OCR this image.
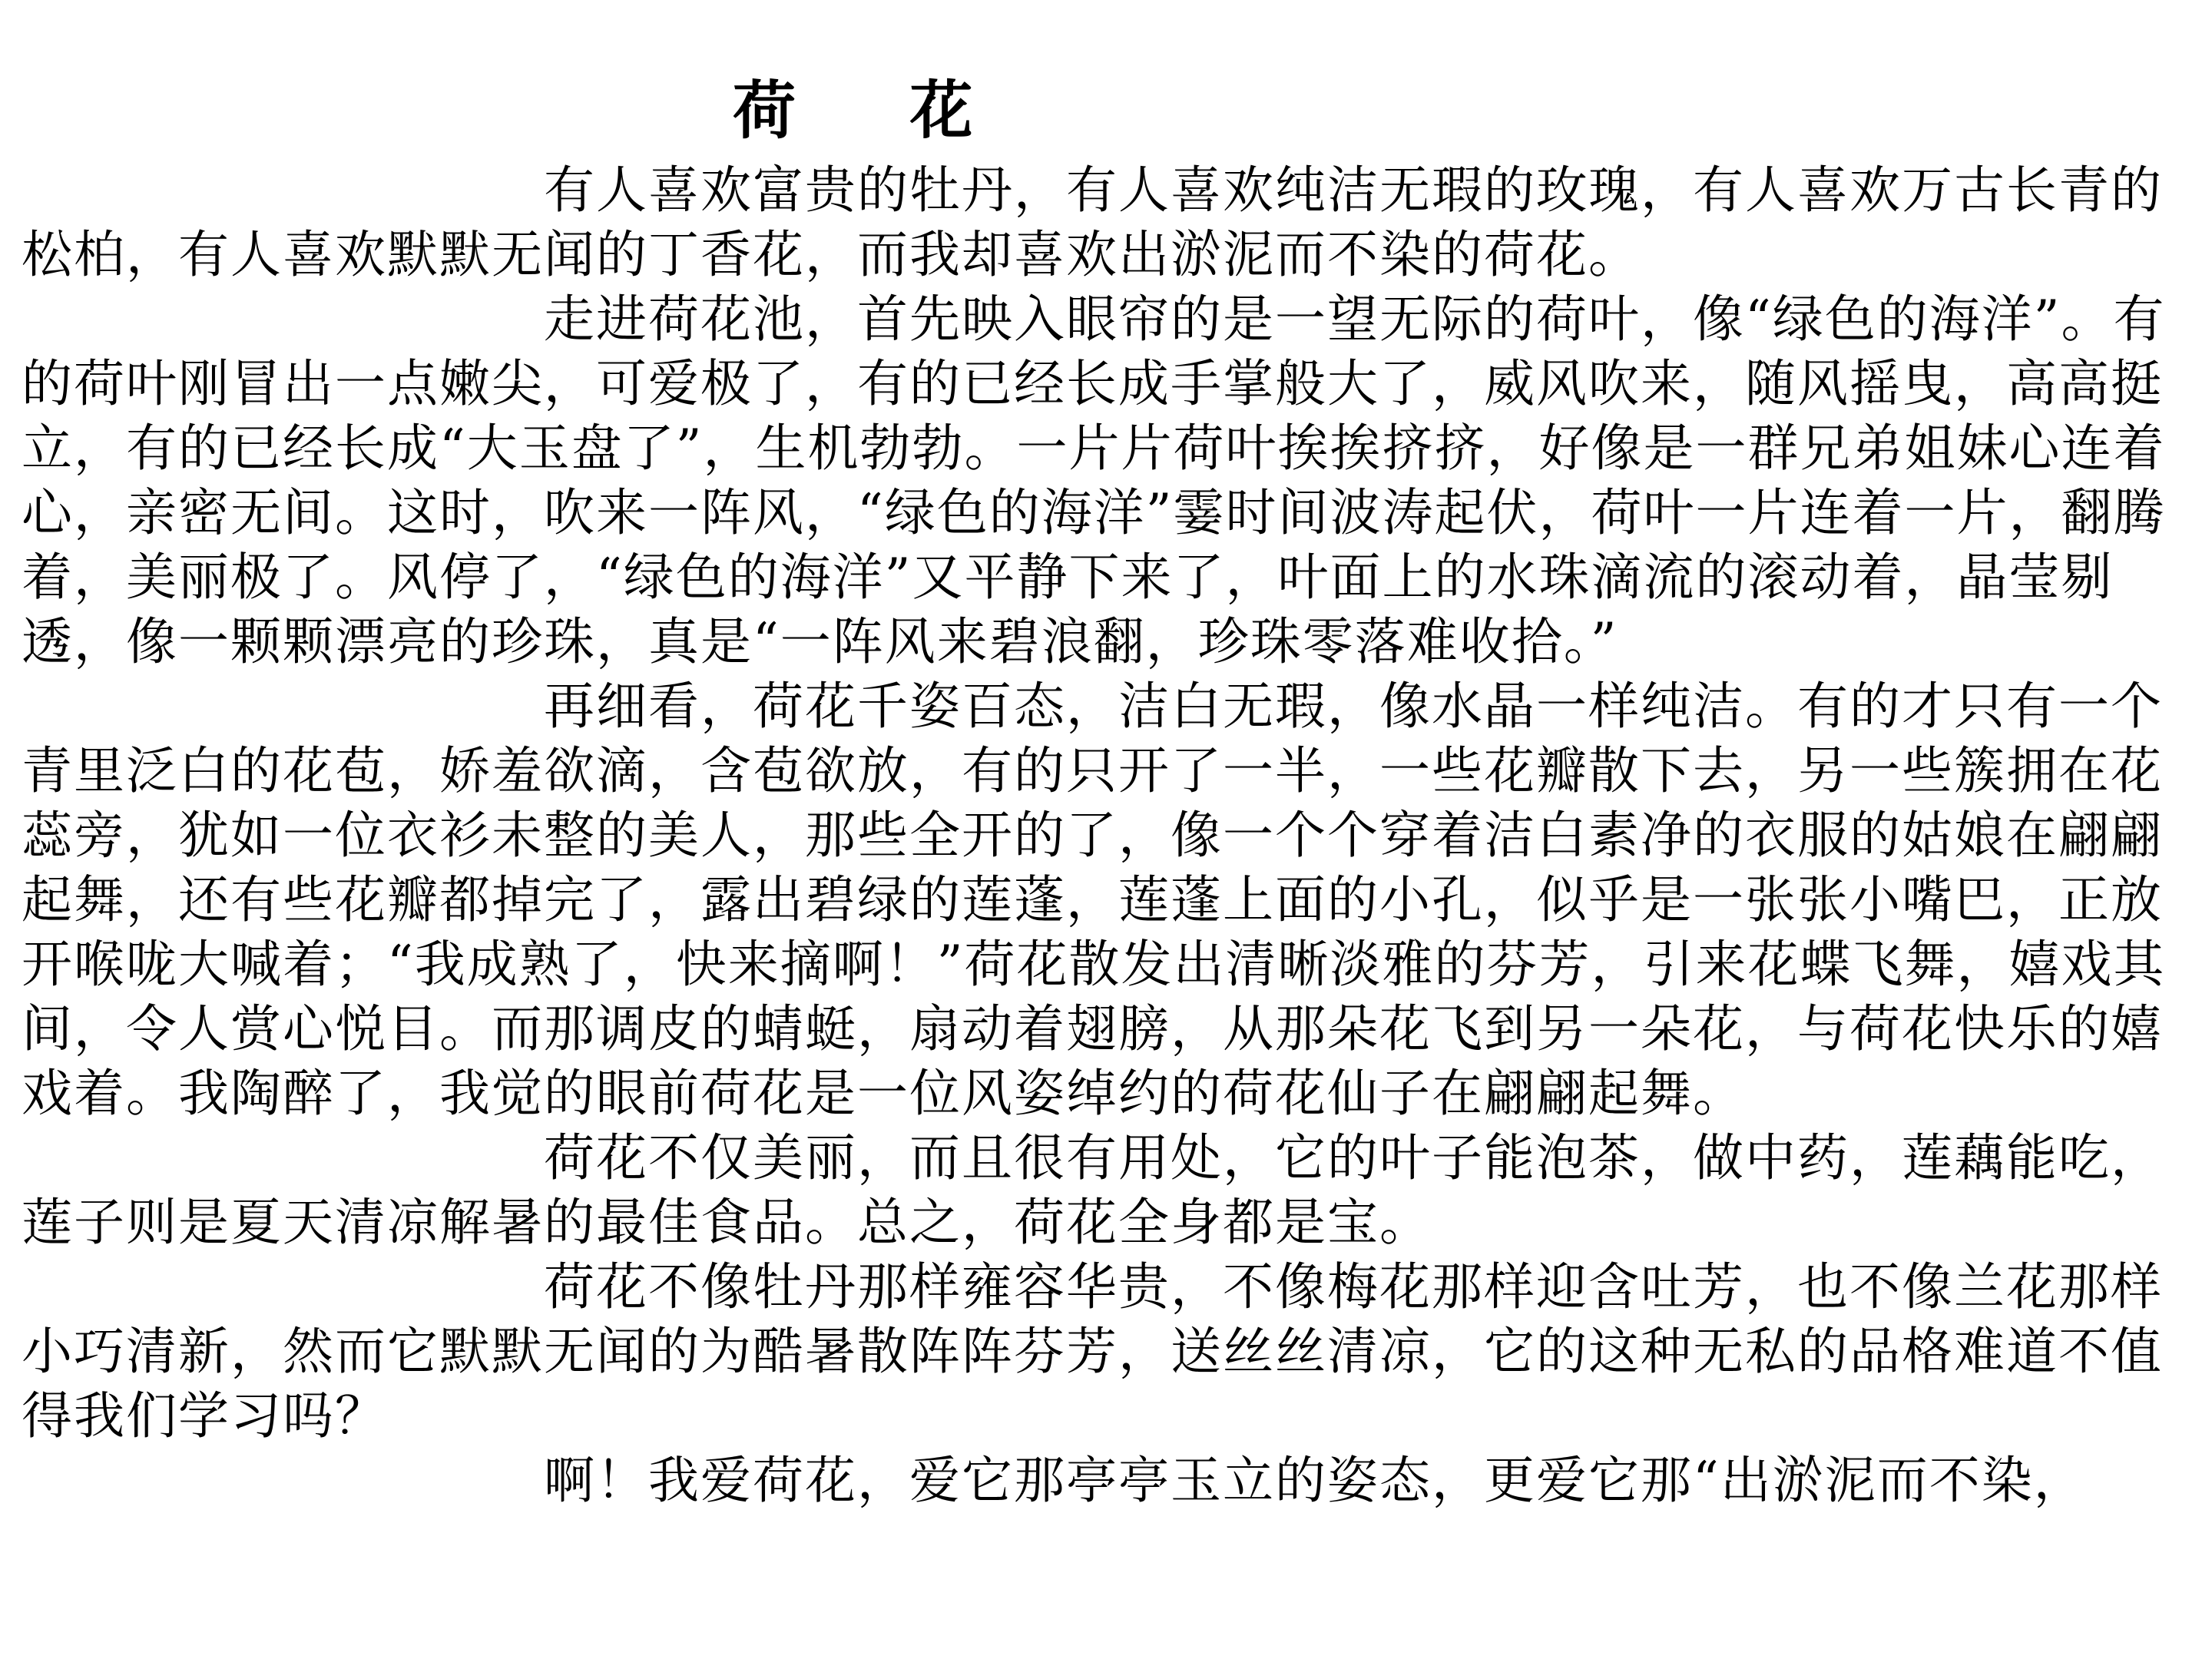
荷 花

有人喜欢富贵的牡丹，有人喜欢纯洁无瑕的玫瑰，有人喜欢万古长青的松柏，有人喜欢默默无闻的丁香花，而我却喜欢出淤泥而不染的荷花。

走进荷花池，首先映入眼帘的是一望无际的荷叶，像“绿色的海洋”。有的荷叶刚冒出一点嫩尖，可爱极了，有的已经长成手掌般大了，威风吹来，随风摇曳，高高挺立，有的已经长成“大玉盘了”，生机勃勃。一片片荷叶挨挨挤挤，好像是一群兄弟姐妹心连着心，亲密无间。这时，吹来一阵风，“绿色的海洋”霎时间波涛起伏，荷叶一片连着一片，翻腾着，美丽极了。风停了，“绿色的海洋”又平静下来了，叶面上的水珠滴流的滚动着，晶莹剔透，像一颗颗漂亮的珍珠，真是“一阵风来碧浪翻，珍珠零落难收拾。”

再细看，荷花千姿百态，洁白无瑕，像水晶一样纯洁。有的才只有一个青里泛白的花苞，娇羞欲滴，含苞欲放，有的只开了一半，一些花瓣散下去，另一些簇拥在花蕊旁，犹如一位衣衫未整的美人，那些全开的了，像一个个穿着洁白素净的衣服的姑娘在翩翩起舞，还有些花瓣都掉完了，露出碧绿的莲蓬，莲蓬上面的小孔，似乎是一张张小嘴巴，正放开喉咙大喊着；“我成熟了，快来摘啊！”荷花散发出清晰淡雅的芬芳，引来花蝶飞舞，嬉戏其间，令人赏心悦目。而那调皮的蜻蜓，扇动着翅膀，从那朵花飞到另一朵花，与荷花快乐的嬉戏着。我陶醉了，我觉的眼前荷花是一位风姿绰约的荷花仙子在翩翩起舞。

荷花不仅美丽，而且很有用处，它的叶子能泡茶，做中药，莲藕能吃，莲子则是夏天清凉解暑的最佳食品。总之，荷花全身都是宝。

荷花不像牡丹那样雍容华贵，不像梅花那样迎含吐芳，也不像兰花那样小巧清新，然而它默默无闻的为酷暑散阵阵芬芳，送丝丝清凉，它的这种无私的品格难道不值得我们学习吗？

啊！我爱荷花，爱它那亭亭玉立的姿态，更爱它那“出淤泥而不染，
